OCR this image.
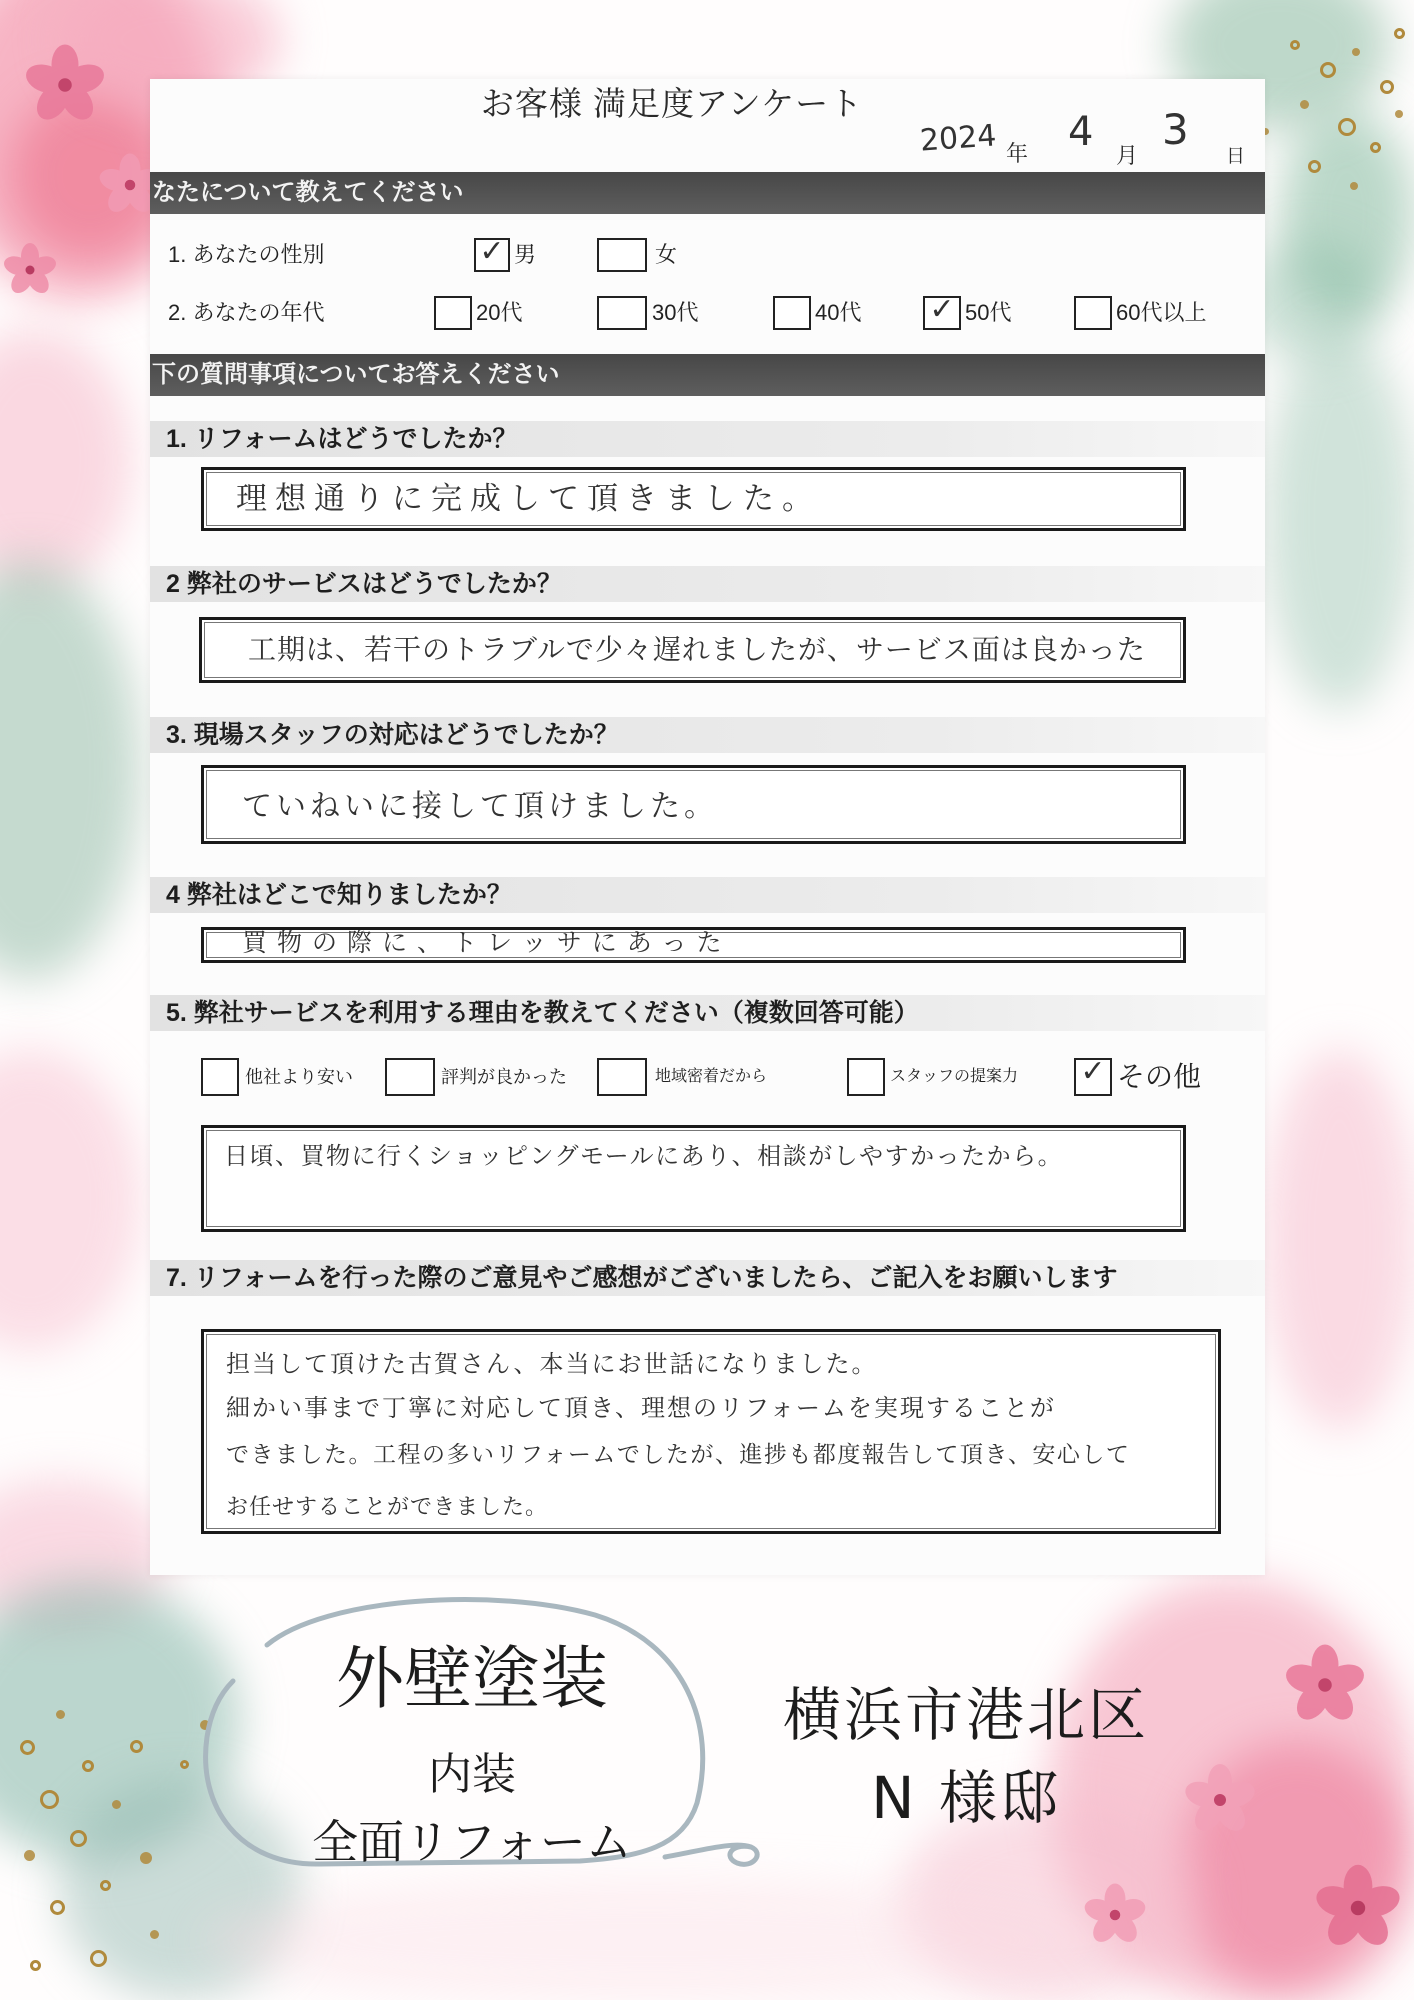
お客様 満足度アンケート
2024 年 4
月
3
日
なたについて教えてください
1. あなたの性別 ✓	男	女
2. あなたの年代	20代	30代	40代 ✓	50代	60代以上
下の質問事項についてお答えください
1. リフォームはどうでしたか？
理想通りに完成して頂きました。
2 弊社のサービスはどうでしたか？
工期は、若干のトラブルで少々遅れましたが、サービス面は良かった
3. 現場スタッフの対応はどうでしたか？
ていねいに接して頂けました。
4 弊社はどこで知りましたか？
買物の際に、トレッサにあった
5. 弊社サービスを利用する理由を教えてください（複数回答可能）
他社より安い	評判が良かった	地域密着だから	スタッフの提案力 ✓	その他
日頃、買物に行くショッピングモールにあり、相談がしやすかったから。
7. リフォームを行った際のご意見やご感想がございましたら、ご記入をお願いします
担当して頂けた古賀さん、本当にお世話になりました。
細かい事まで丁寧に対応して頂き、理想のリフォームを実現することが
できました。工程の多いリフォームでしたが、進捗も都度報告して頂き、安心して
お任せすることができました。
外壁塗装
内装
全面リフォーム
横浜市港北区
N 様邸
